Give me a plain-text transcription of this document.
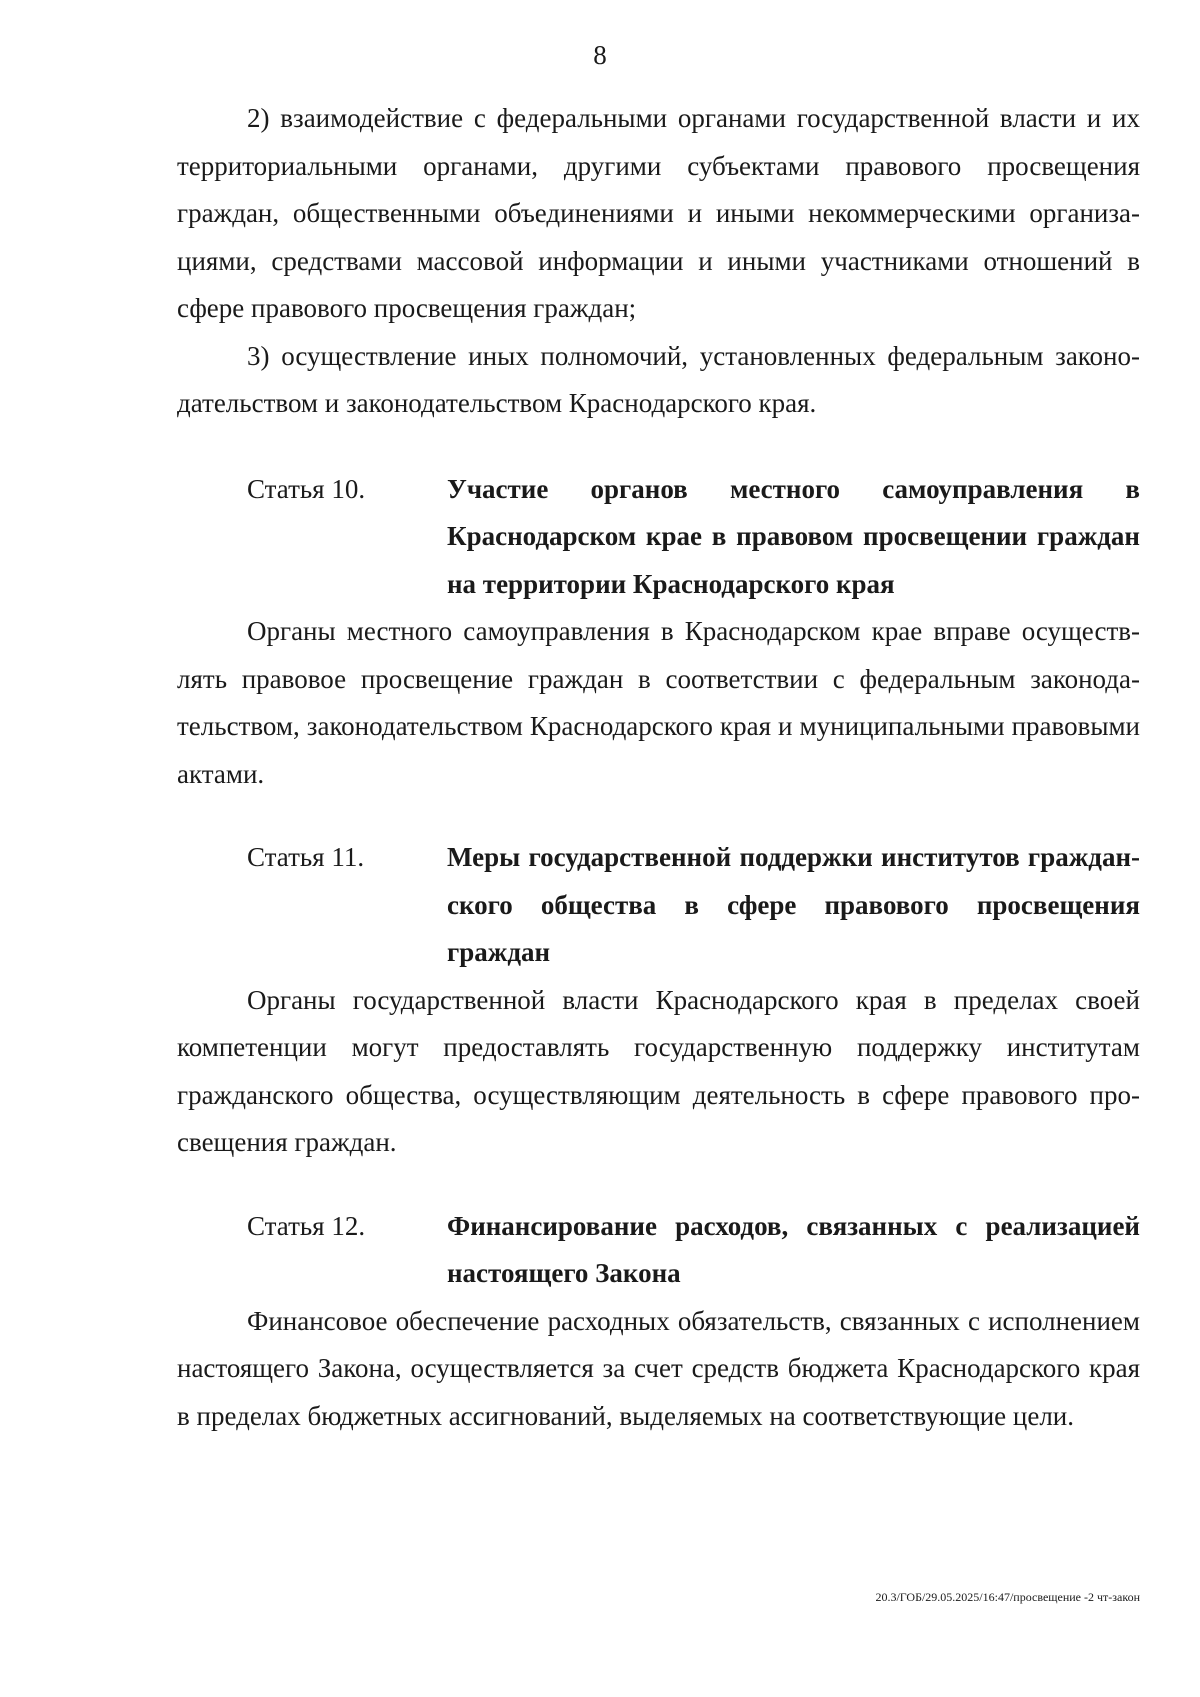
8

2) взаимодействие с федеральными органами государственной власти и их территориальными органами, другими субъектами правового просвещения граждан, общественными объединениями и иными некоммерческими организациями, средствами массовой информации и иными участниками отношений в сфере правового просвещения граждан;

3) осуществление иных полномочий, установленных федеральным законодательством и законодательством Краснодарского края.

Статья 10.	Участие органов местного самоуправления в Краснодарском крае в правовом просвещении граждан на территории Краснодарского края

Органы местного самоуправления в Краснодарском крае вправе осуществлять правовое просвещение граждан в соответствии с федеральным законодательством, законодательством Краснодарского края и муниципальными правовыми актами.

Статья 11.	Меры государственной поддержки институтов гражданского общества в сфере правового просвещения граждан

Органы государственной власти Краснодарского края в пределах своей компетенции могут предоставлять государственную поддержку институтам гражданского общества, осуществляющим деятельность в сфере правового просвещения граждан.

Статья 12.	Финансирование расходов, связанных с реализацией настоящего Закона

Финансовое обеспечение расходных обязательств, связанных с исполнением настоящего Закона, осуществляется за счет средств бюджета Краснодарского края в пределах бюджетных ассигнований, выделяемых на соответствующие цели.

20.3/ГОБ/29.05.2025/16:47/просвещение -2 чт-закон
